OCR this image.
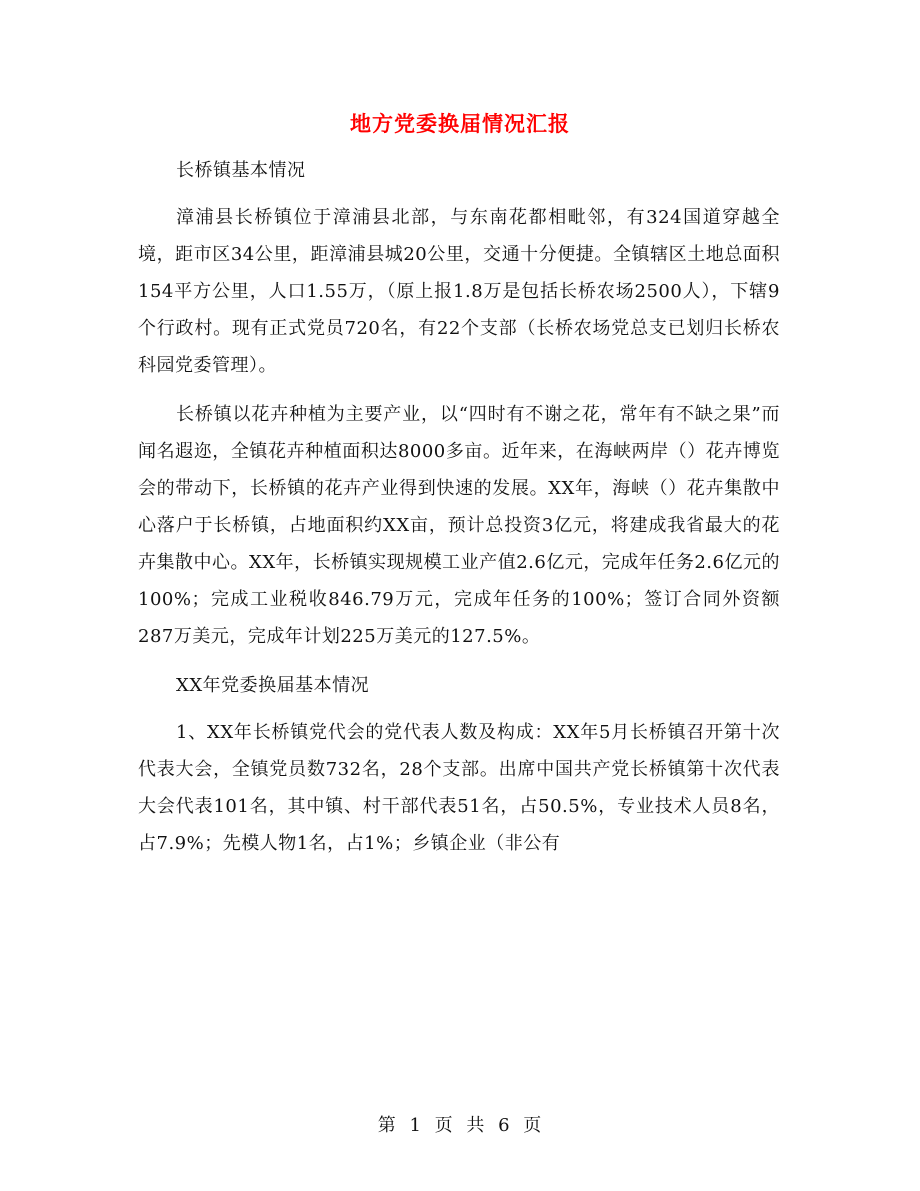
地方党委换届情况汇报

长桥镇基本情况

漳浦县长桥镇位于漳浦县北部，与东南花都相毗邻，有324国道穿越全境，距市区34公里，距漳浦县城20公里，交通十分便捷。全镇辖区土地总面积154平方公里，人口1.55万，（原上报1.8万是包括长桥农场2500人），下辖9个行政村。现有正式党员720名，有22个支部（长桥农场党总支已划归长桥农科园党委管理）。

长桥镇以花卉种植为主要产业，以“四时有不谢之花，常年有不缺之果”而闻名遐迩，全镇花卉种植面积达8000多亩。近年来，在海峡两岸（）花卉博览会的带动下，长桥镇的花卉产业得到快速的发展。XX年，海峡（）花卉集散中心落户于长桥镇，占地面积约XX亩，预计总投资3亿元，将建成我省最大的花卉集散中心。XX年，长桥镇实现规模工业产值2.6亿元，完成年任务2.6亿元的100%；完成工业税收846.79万元，完成年任务的100%；签订合同外资额287万美元，完成年计划225万美元的127.5%。

XX年党委换届基本情况

1、XX年长桥镇党代会的党代表人数及构成：XX年5月长桥镇召开第十次代表大会，全镇党员数732名，28个支部。出席中国共产党长桥镇第十次代表大会代表101名，其中镇、村干部代表51名，占50.5%，专业技术人员8名，占7.9%；先模人物1名，占1%；乡镇企业（非公有

第 1 页 共 6 页
